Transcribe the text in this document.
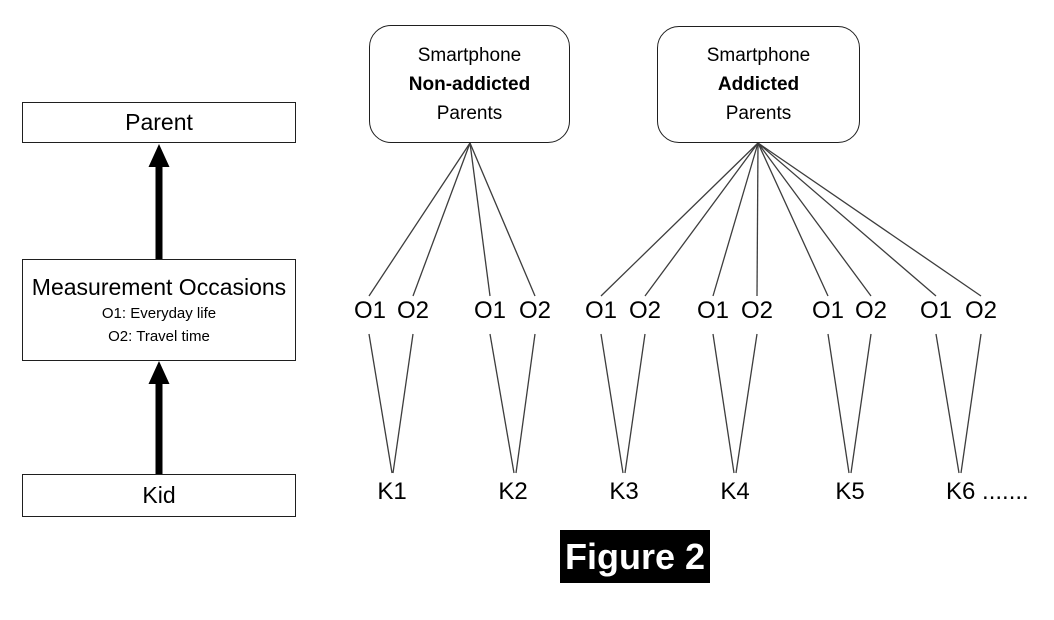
Parent
Measurement Occasions
O1: Everyday life
O2: Travel time
Kid
Smartphone
Non-addicted
Parents
Smartphone
Addicted
Parents
O1 O2 O1 O2 O1 O2 O1 O2 O1 O2 O1 O2
K1	K2	K3	K4	K5	K6 .......
Figure 2
